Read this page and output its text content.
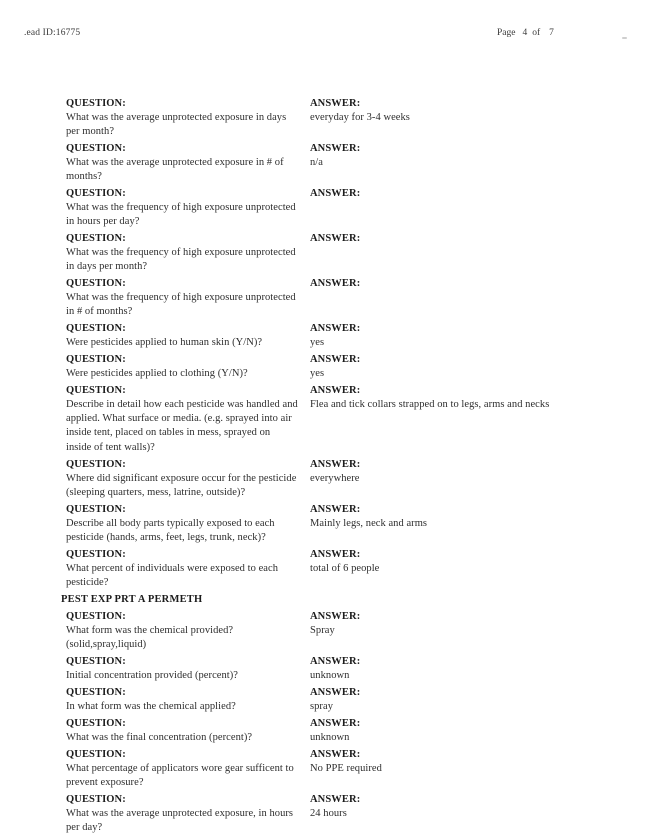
.ead ID:16775	Page 4 of 7
QUESTION:
What was the average unprotected exposure in days per month?
ANSWER:
everyday for 3-4 weeks
QUESTION:
What was the average unprotected exposure in # of months?
ANSWER:
n/a
QUESTION:
What was the frequency of high exposure unprotected in hours per day?
ANSWER:
QUESTION:
What was the frequency of high exposure unprotected in days per month?
ANSWER:
QUESTION:
What was the frequency of high exposure unprotected in # of months?
ANSWER:
QUESTION:
Were pesticides applied to human skin (Y/N)?
ANSWER:
yes
QUESTION:
Were pesticides applied to clothing (Y/N)?
ANSWER:
yes
QUESTION:
Describe in detail how each pesticide was handled and applied. What surface or media. (e.g. sprayed into air inside tent, placed on tables in mess, sprayed on inside of tent walls)?
ANSWER:
Flea and tick collars strapped on to legs, arms and necks
QUESTION:
Where did significant exposure occur for the pesticide (sleeping quarters, mess, latrine, outside)?
ANSWER:
everywhere
QUESTION:
Describe all body parts typically exposed to each pesticide (hands, arms, feet, legs, trunk, neck)?
ANSWER:
Mainly legs, neck and arms
QUESTION:
What percent of individuals were exposed to each pesticide?
ANSWER:
total of 6 people
PEST EXP PRT A PERMETH
QUESTION:
What form was the chemical provided?(solid,spray,liquid)
ANSWER:
Spray
QUESTION:
Initial concentration provided (percent)?
ANSWER:
unknown
QUESTION:
In what form was the chemical applied?
ANSWER:
spray
QUESTION:
What was the final concentration (percent)?
ANSWER:
unknown
QUESTION:
What percentage of applicators wore gear sufficent to prevent exposure?
ANSWER:
No PPE required
QUESTION:
What was the average unprotected exposure, in hours per day?
ANSWER:
24 hours
